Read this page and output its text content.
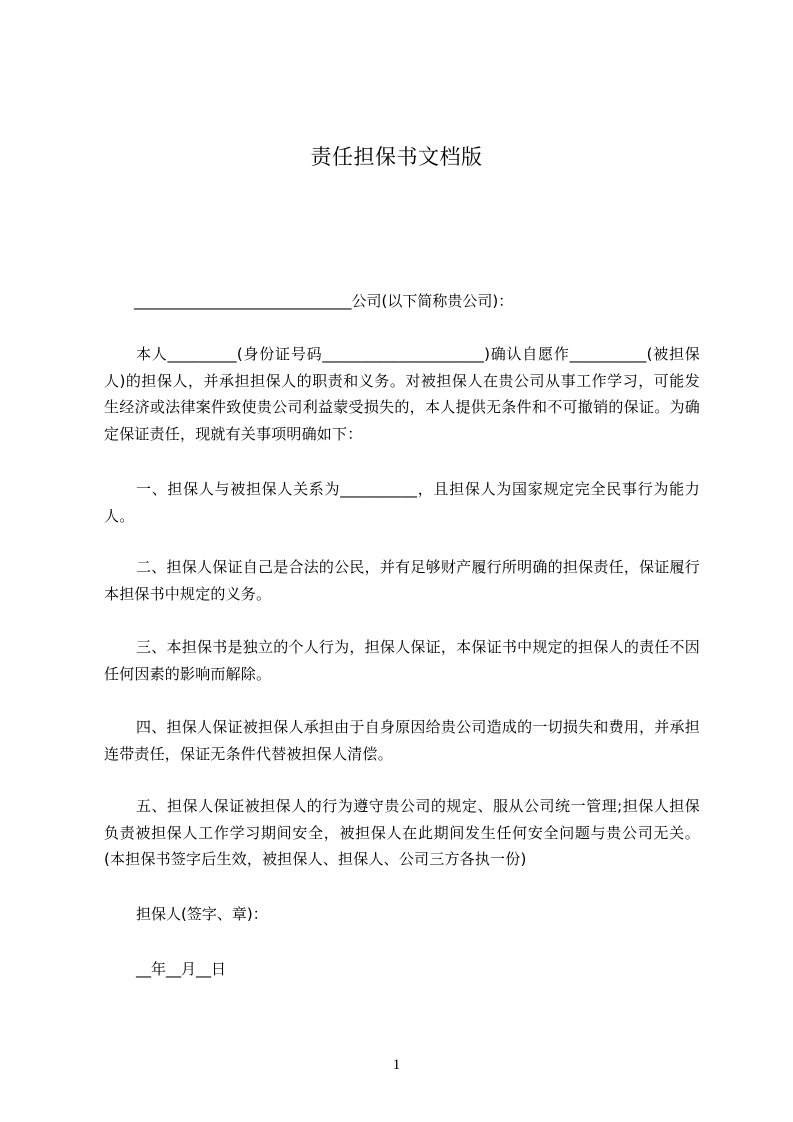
责任担保书文档版
_____________________________公司(以下简称贵公司)：
本人_________(身份证号码_____________________)确认自愿作__________(被担保人)的担保人，并承担担保人的职责和义务。对被担保人在贵公司从事工作学习，可能发生经济或法律案件致使贵公司利益蒙受损失的，本人提供无条件和不可撤销的保证。为确定保证责任，现就有关事项明确如下：
一、担保人与被担保人关系为__________，且担保人为国家规定完全民事行为能力人。
二、担保人保证自己是合法的公民，并有足够财产履行所明确的担保责任，保证履行本担保书中规定的义务。
三、本担保书是独立的个人行为，担保人保证，本保证书中规定的担保人的责任不因任何因素的影响而解除。
四、担保人保证被担保人承担由于自身原因给贵公司造成的一切损失和费用，并承担连带责任，保证无条件代替被担保人清偿。
五、担保人保证被担保人的行为遵守贵公司的规定、服从公司统一管理;担保人担保负责被担保人工作学习期间安全，被担保人在此期间发生任何安全问题与贵公司无关。(本担保书签字后生效，被担保人、担保人、公司三方各执一份)
担保人(签字、章)：
__年__月__日
1
